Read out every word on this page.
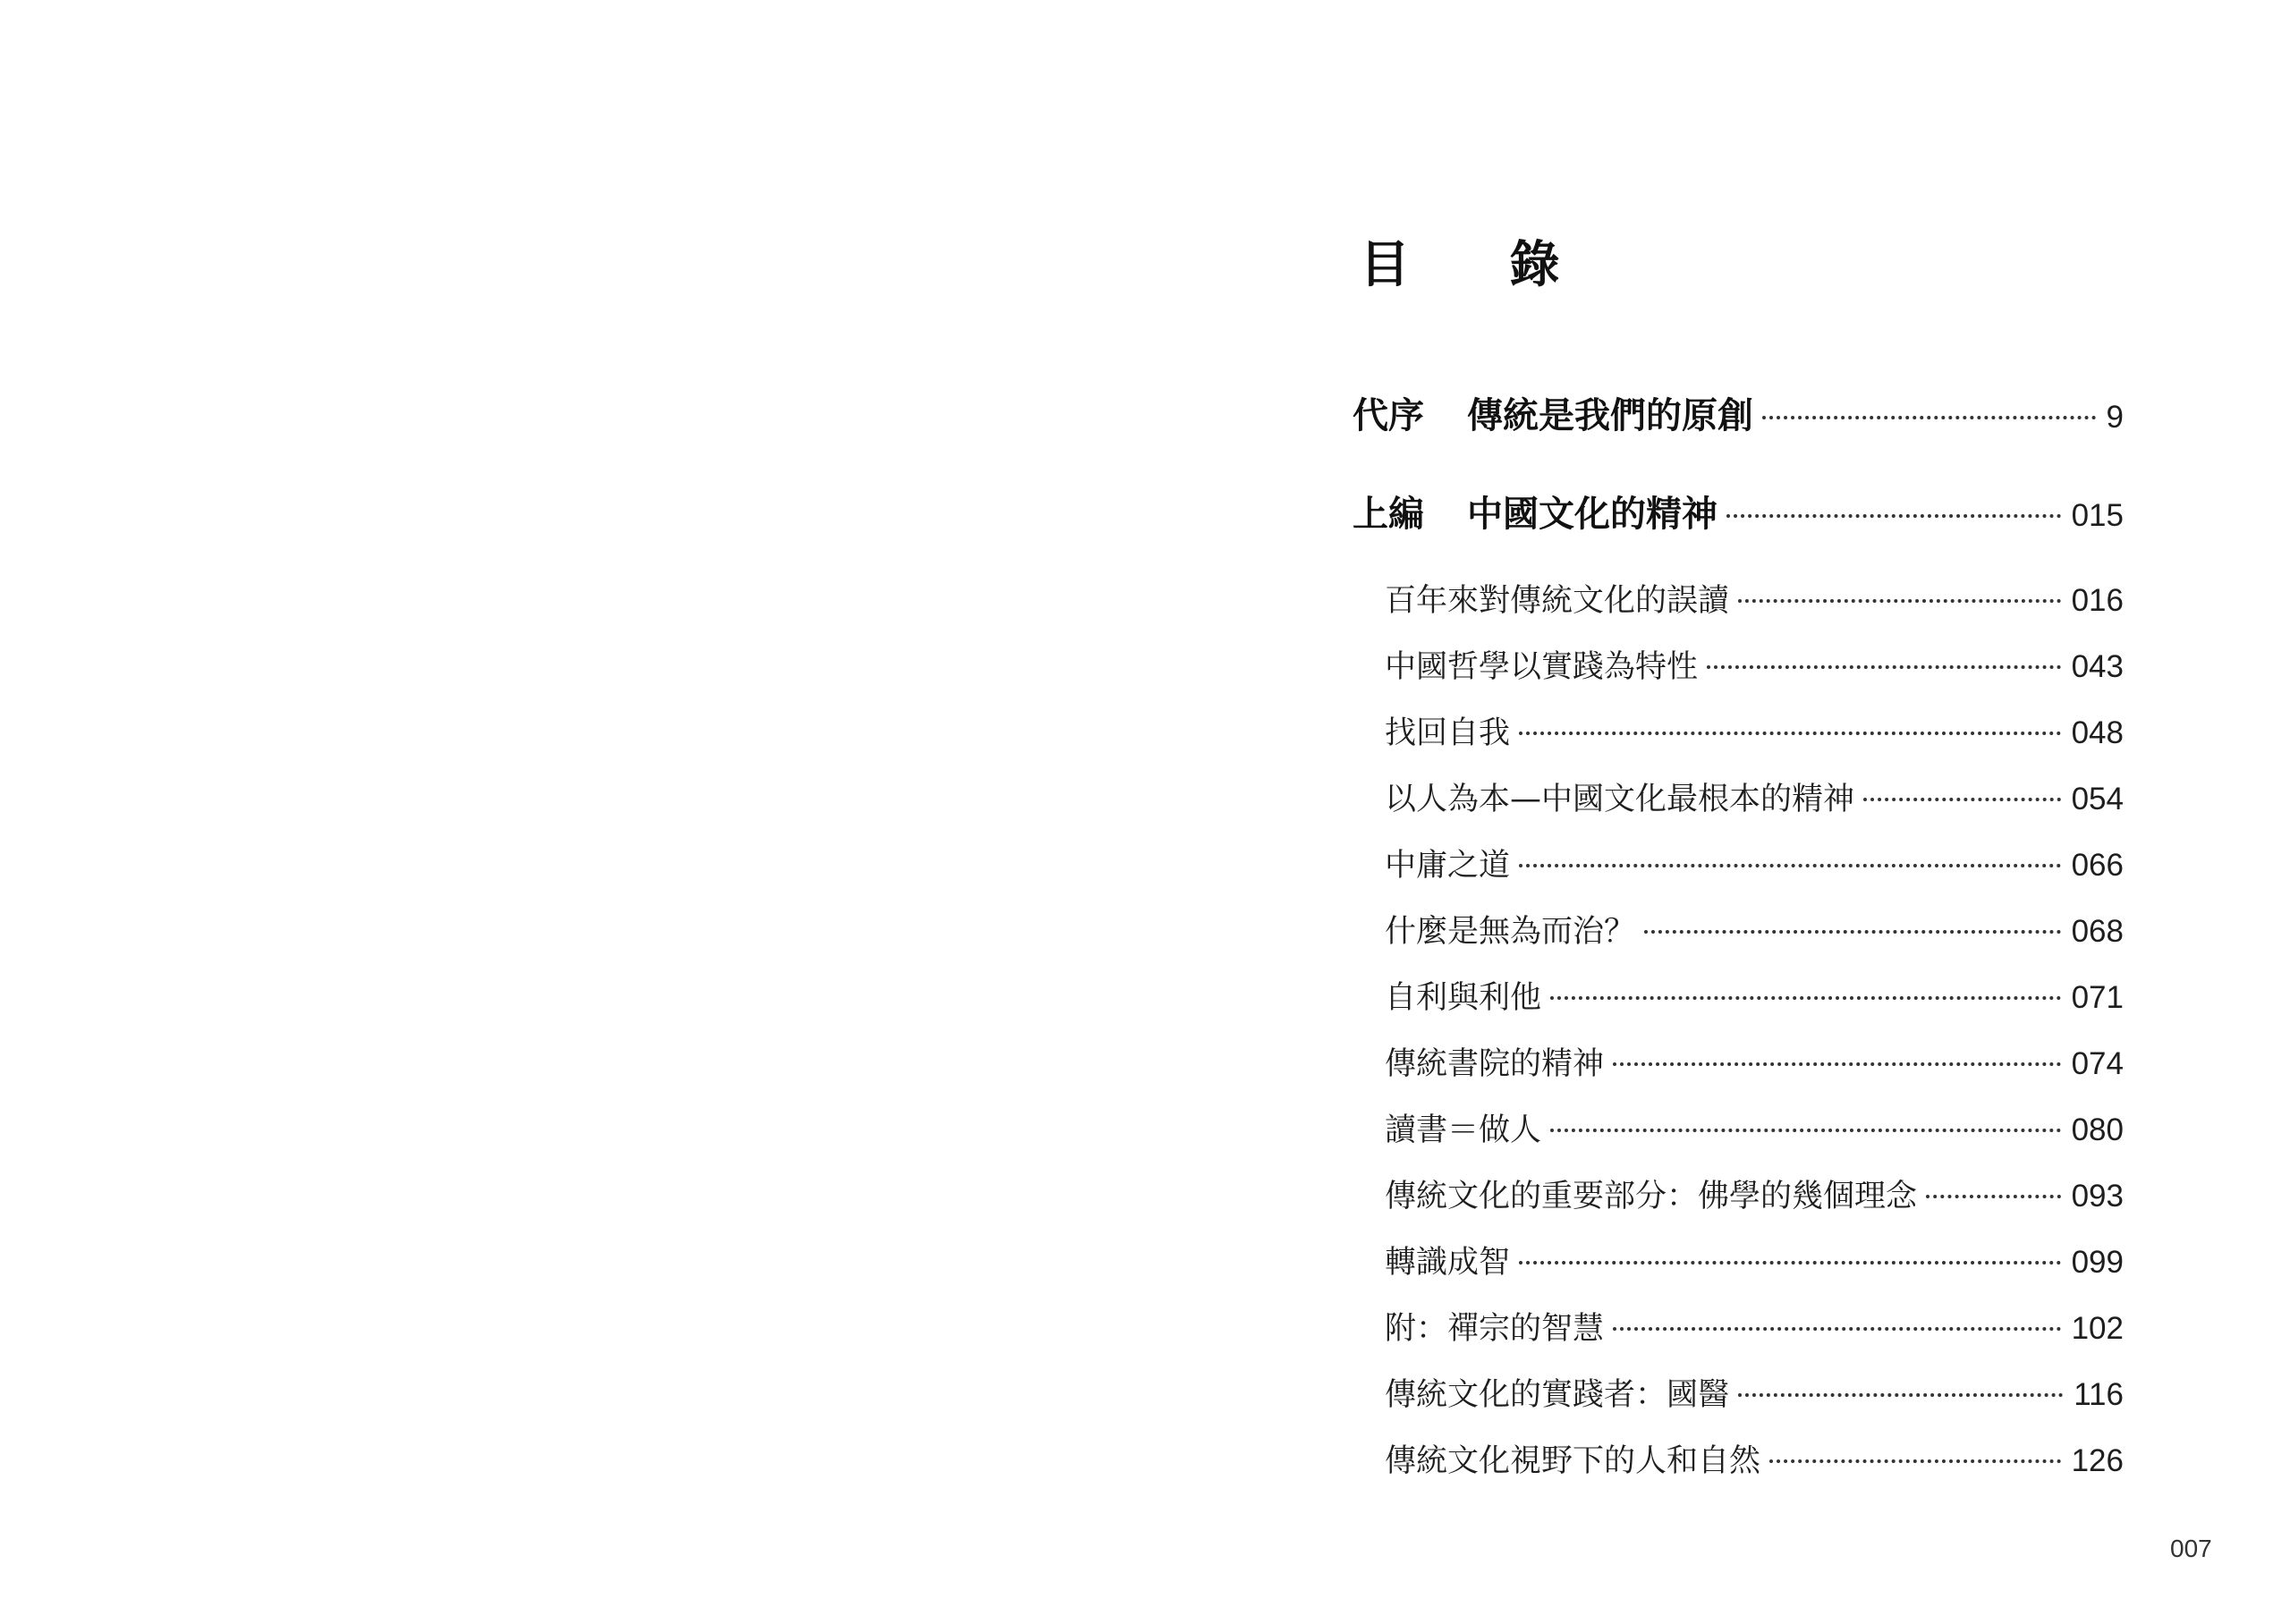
目 錄
代序 傳統是我們的原創	9
上編 中國文化的精神	015
百年來對傳統文化的誤讀	016
中國哲學以實踐為特性	043
找回自我	048
以人為本—中國文化最根本的精神	054
中庸之道	066
什麼是無為而治？	068
自利與利他	071
傳統書院的精神	074
讀書＝做人	080
傳統文化的重要部分：佛學的幾個理念	093
轉識成智	099
附：禪宗的智慧	102
傳統文化的實踐者：國醫	116
傳統文化視野下的人和自然	126
007
